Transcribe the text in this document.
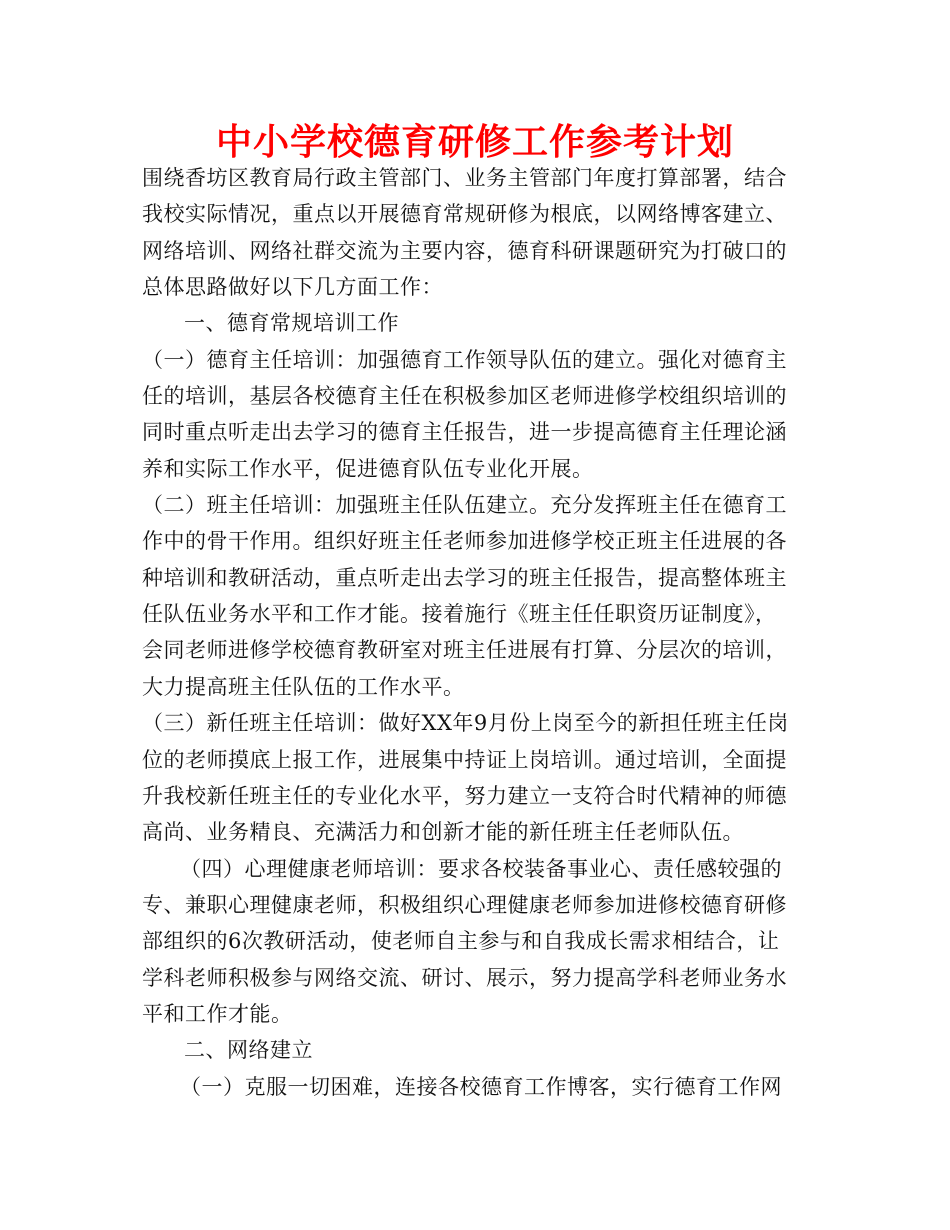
中小学校德育研修工作参考计划
围绕香坊区教育局行政主管部门、业务主管部门年度打算部署，结合
我校实际情况，重点以开展德育常规研修为根底，以网络博客建立、
网络培训、网络社群交流为主要内容，德育科研课题研究为打破口的
总体思路做好以下几方面工作：
一、德育常规培训工作
（一）德育主任培训：加强德育工作领导队伍的建立。强化对德育主
任的培训，基层各校德育主任在积极参加区老师进修学校组织培训的
同时重点听走出去学习的德育主任报告，进一步提高德育主任理论涵
养和实际工作水平，促进德育队伍专业化开展。
（二）班主任培训：加强班主任队伍建立。充分发挥班主任在德育工
作中的骨干作用。组织好班主任老师参加进修学校正班主任进展的各
种培训和教研活动，重点听走出去学习的班主任报告，提高整体班主
任队伍业务水平和工作才能。接着施行《班主任任职资历证制度》，
会同老师进修学校德育教研室对班主任进展有打算、分层次的培训，
大力提高班主任队伍的工作水平。
（三）新任班主任培训：做好XX年9月份上岗至今的新担任班主任岗
位的老师摸底上报工作，进展集中持证上岗培训。通过培训，全面提
升我校新任班主任的专业化水平，努力建立一支符合时代精神的师德
高尚、业务精良、充满活力和创新才能的新任班主任老师队伍。
（四）心理健康老师培训：要求各校装备事业心、责任感较强的
专、兼职心理健康老师，积极组织心理健康老师参加进修校德育研修
部组织的6次教研活动，使老师自主参与和自我成长需求相结合，让
学科老师积极参与网络交流、研讨、展示，努力提高学科老师业务水
平和工作才能。
二、网络建立
（一）克服一切困难，连接各校德育工作博客，实行德育工作网
